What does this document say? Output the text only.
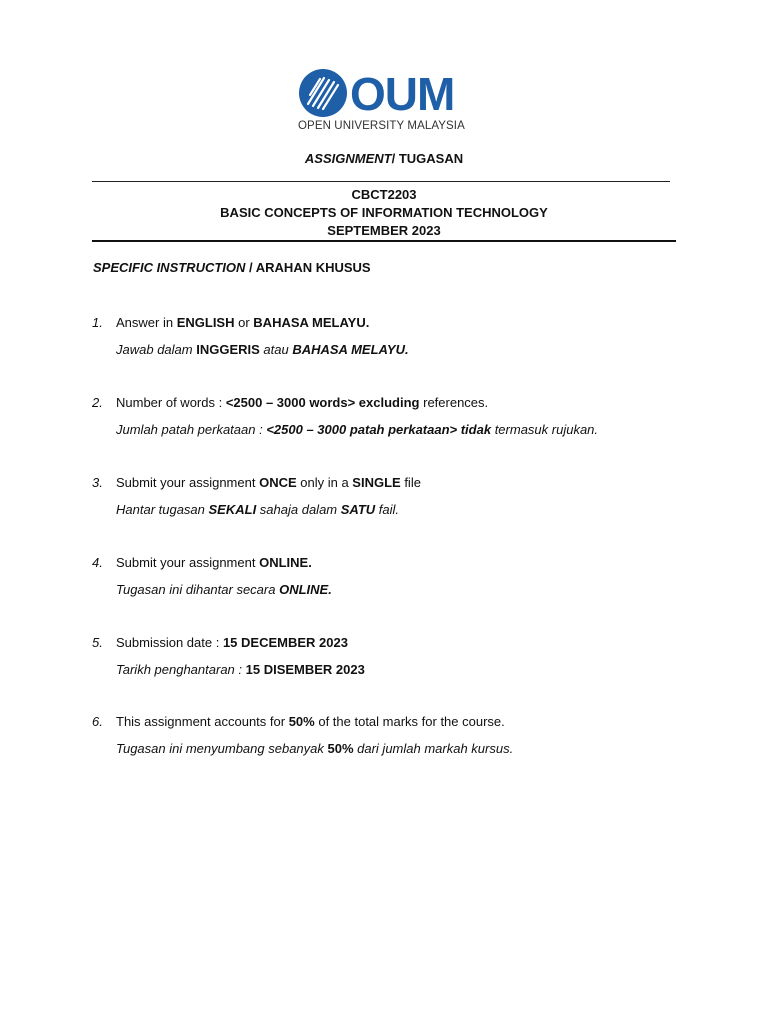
OUM
OPEN UNIVERSITY MALAYSIA
ASSIGNMENT/ TUGASAN
CBCT2203
BASIC CONCEPTS OF INFORMATION TECHNOLOGY
SEPTEMBER 2023
SPECIFIC INSTRUCTION / ARAHAN KHUSUS
1. Answer in ENGLISH or BAHASA MELAYU.
Jawab dalam INGGERIS atau BAHASA MELAYU.
2. Number of words : <2500 – 3000 words> excluding references.
Jumlah patah perkataan : <2500 – 3000 patah perkataan> tidak termasuk rujukan.
3. Submit your assignment ONCE only in a SINGLE file
Hantar tugasan SEKALI sahaja dalam SATU fail.
4. Submit your assignment ONLINE.
Tugasan ini dihantar secara ONLINE.
5. Submission date : 15 DECEMBER 2023
Tarikh penghantaran : 15 DISEMBER 2023
6. This assignment accounts for 50% of the total marks for the course.
Tugasan ini menyumbang sebanyak 50% dari jumlah markah kursus.
